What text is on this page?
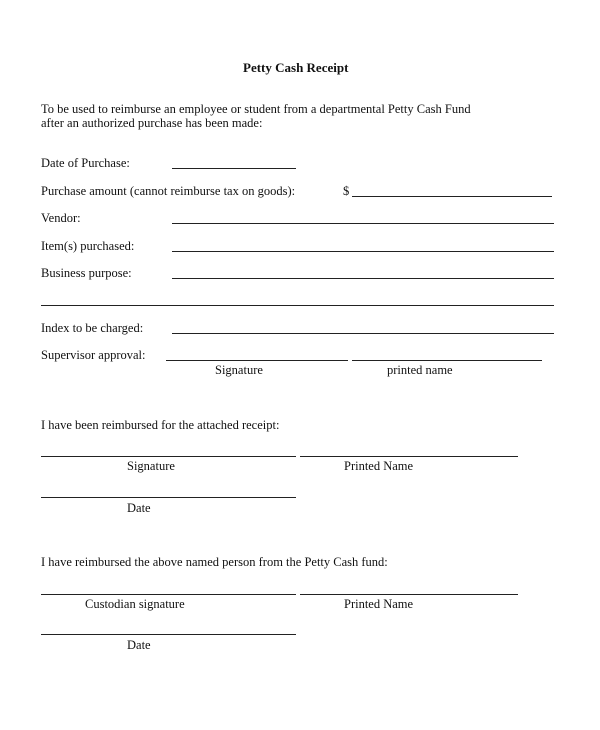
Petty Cash Receipt
To be used to reimburse an employee or student from a departmental Petty Cash Fund
after an authorized purchase has been made:
Date of Purchase:
Purchase amount (cannot reimburse tax on goods):	$
Vendor:
Item(s) purchased:
Business purpose:
Index to be charged:
Supervisor approval:
Signature	printed name
I have been reimbursed for the attached receipt:
Signature	Printed Name
Date
I have reimbursed the above named person from the Petty Cash fund:
Custodian signature	Printed Name
Date
